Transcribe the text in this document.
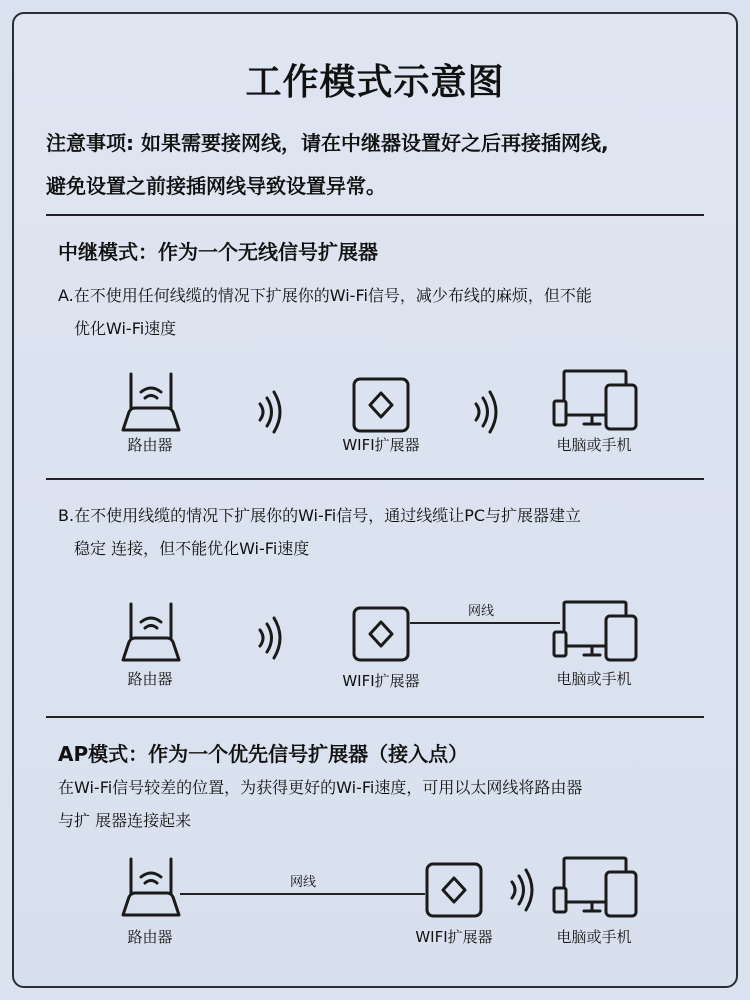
工作模式示意图
注意事项: 如果需要接网线，请在中继器设置好之后再接插网线,
避免设置之前接插网线导致设置异常。
中继模式：作为一个无线信号扩展器
A.在不使用任何线缆的情况下扩展你的Wi-Fi信号，减少布线的麻烦，但不能
优化Wi-Fi速度
B.在不使用线缆的情况下扩展你的Wi-Fi信号，通过线缆让PC与扩展器建立
稳定 连接，但不能优化Wi-Fi速度
AP模式：作为一个优先信号扩展器（接入点）
在Wi-Fi信号较差的位置，为获得更好的Wi-Fi速度，可用以太网线将路由器
与扩 展器连接起来
路由器	WIFI扩展器	电脑或手机
网线
路由器	WIFI扩展器	电脑或手机
网线
路由器	WIFI扩展器	电脑或手机
